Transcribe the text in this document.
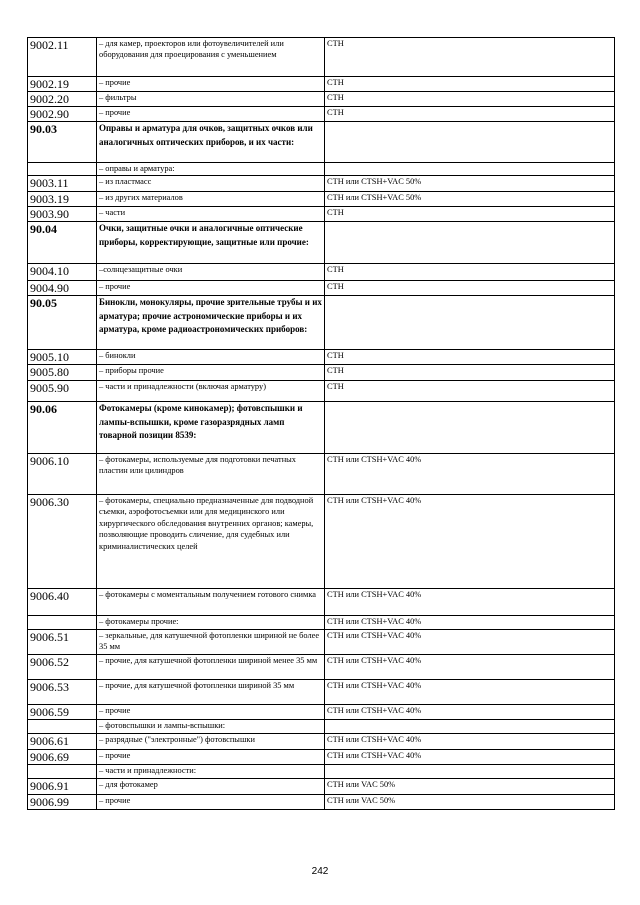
9002.11	– для камер, проекторов или фотоувеличителей или оборудования для проецирования с уменьшением	СТН
9002.19	– прочие	СТН
9002.20	– фильтры	СТН
9002.90	– прочие	СТН
90.03	Оправы и арматура для очков, защитных очков или аналогичных оптических приборов, и их части:	
	– оправы и арматура:	
9003.11	– из пластмасс	СТН или CTSH+VAC 50%
9003.19	– из других материалов	СТН или CTSH+VAC 50%
9003.90	– части	СТН
90.04	Очки, защитные очки и аналогичные оптические приборы, корректирующие, защитные или прочие:	
9004.10	–солнцезащитные очки	СТН
9004.90	– прочие	СТН
90.05	Бинокли, монокуляры, прочие зрительные трубы и их арматура; прочие астрономические приборы и их арматура, кроме радиоастрономических приборов:	
9005.10	– бинокли	СТН
9005.80	– приборы прочие	СТН
9005.90	– части и принадлежности (включая арматуру)	СТН
90.06	Фотокамеры (кроме кинокамер); фотовспышки и лампы-вспышки, кроме газоразрядных ламп товарной позиции 8539:	
9006.10	– фотокамеры, используемые для подготовки печатных пластин или цилиндров	СТН или CTSH+VAC 40%
9006.30	– фотокамеры, специально предназначенные для подводной съемки, аэрофотосъемки или для медицинского или хирургического обследования внутренних органов; камеры, позволяющие проводить сличение, для судебных или криминалистических целей	СТН или CTSH+VAC 40%
9006.40	– фотокамеры с моментальным получением готового снимка	СТН или CTSH+VAC 40%
	– фотокамеры прочие:	СТН или CTSH+VAC 40%
9006.51	– зеркальные, для катушечной фотопленки шириной не более 35 мм	СТН или CTSH+VAC 40%
9006.52	– прочие, для катушечной фотопленки шириной менее 35 мм	СТН или CTSH+VAC 40%
9006.53	– прочие, для катушечной фотопленки шириной 35 мм	СТН или CTSH+VAC 40%
9006.59	– прочие	СТН или CTSH+VAC 40%
	– фотовспышки и лампы-вспышки:	
9006.61	– разрядные ("электронные") фотовспышки	СТН или CTSH+VAC 40%
9006.69	– прочие	СТН или CTSH+VAC 40%
	– части и принадлежности:	
9006.91	– для фотокамер	СТН или VAC 50%
9006.99	– прочие	СТН или VAC 50%
242
